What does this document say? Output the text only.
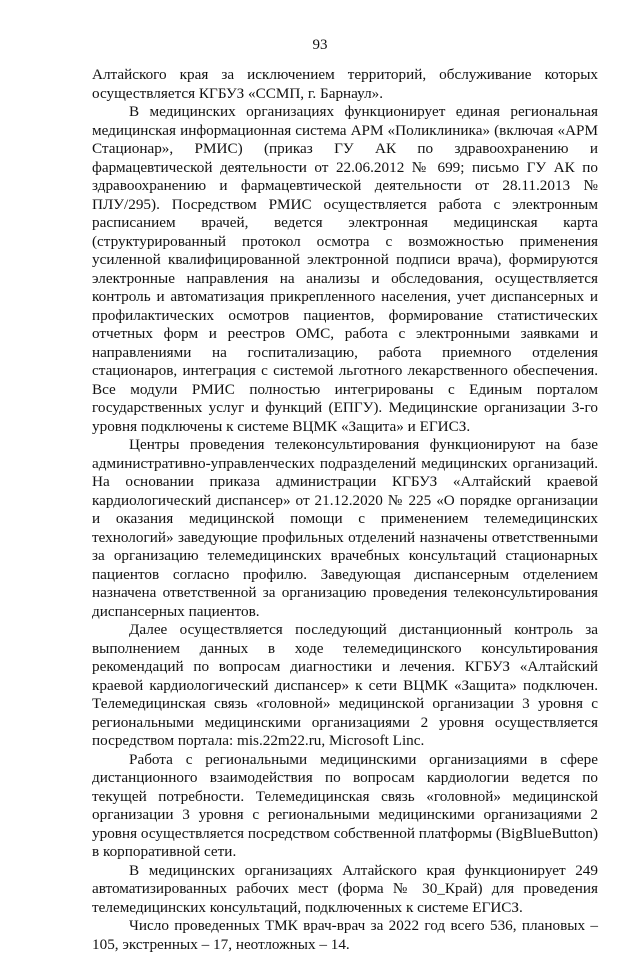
93

Алтайского края за исключением территорий, обслуживание которых осуществляется КГБУЗ «ССМП, г. Барнаул».

В медицинских организациях функционирует единая региональная медицинская информационная система АРМ «Поликлиника» (включая «АРМ Стационар», РМИС) (приказ ГУ АК по здравоохранению и фармацевтической деятельности от 22.06.2012 № 699; письмо ГУ АК по здравоохранению и фармацевтической деятельности от 28.11.2013 № ПЛУ/295). Посредством РМИС осуществляется работа с электронным расписанием врачей, ведется электронная медицинская карта (структурированный протокол осмотра с возможностью применения усиленной квалифицированной электронной подписи врача), формируются электронные направления на анализы и обследования, осуществляется контроль и автоматизация прикрепленного населения, учет диспансерных и профилактических осмотров пациентов, формирование статистических отчетных форм и реестров ОМС, работа с электронными заявками и направлениями на госпитализацию, работа приемного отделения стационаров, интеграция с системой льготного лекарственного обеспечения. Все модули РМИС полностью интегрированы с Единым порталом государственных услуг и функций (ЕПГУ). Медицинские организации 3-го уровня подключены к системе ВЦМК «Защита» и ЕГИСЗ.

Центры проведения телеконсультирования функционируют на базе административно-управленческих подразделений медицинских организаций. На основании приказа администрации КГБУЗ «Алтайский краевой кардиологический диспансер» от 21.12.2020 № 225 «О порядке организации и оказания медицинской помощи с применением телемедицинских технологий» заведующие профильных отделений назначены ответственными за организацию телемедицинских врачебных консультаций стационарных пациентов согласно профилю. Заведующая диспансерным отделением назначена ответственной за организацию проведения телеконсультирования диспансерных пациентов.

Далее осуществляется последующий дистанционный контроль за выполнением данных в ходе телемедицинского консультирования рекомендаций по вопросам диагностики и лечения. КГБУЗ «Алтайский краевой кардиологический диспансер» к сети ВЦМК «Защита» подключен. Телемедицинская связь «головной» медицинской организации 3 уровня с региональными медицинскими организациями 2 уровня осуществляется посредством портала: mis.22m22.ru, Microsoft Linc.

Работа с региональными медицинскими организациями в сфере дистанционного взаимодействия по вопросам кардиологии ведется по текущей потребности. Телемедицинская связь «головной» медицинской организации 3 уровня с региональными медицинскими организациями 2 уровня осуществляется посредством собственной платформы (BigBlueButton) в корпоративной сети.

В медицинских организациях Алтайского края функционирует 249 автоматизированных рабочих мест (форма № 30_Край) для проведения телемедицинских консультаций, подключенных к системе ЕГИСЗ.

Число проведенных ТМК врач-врач за 2022 год всего 536, плановых – 105, экстренных – 17, неотложных – 14.
